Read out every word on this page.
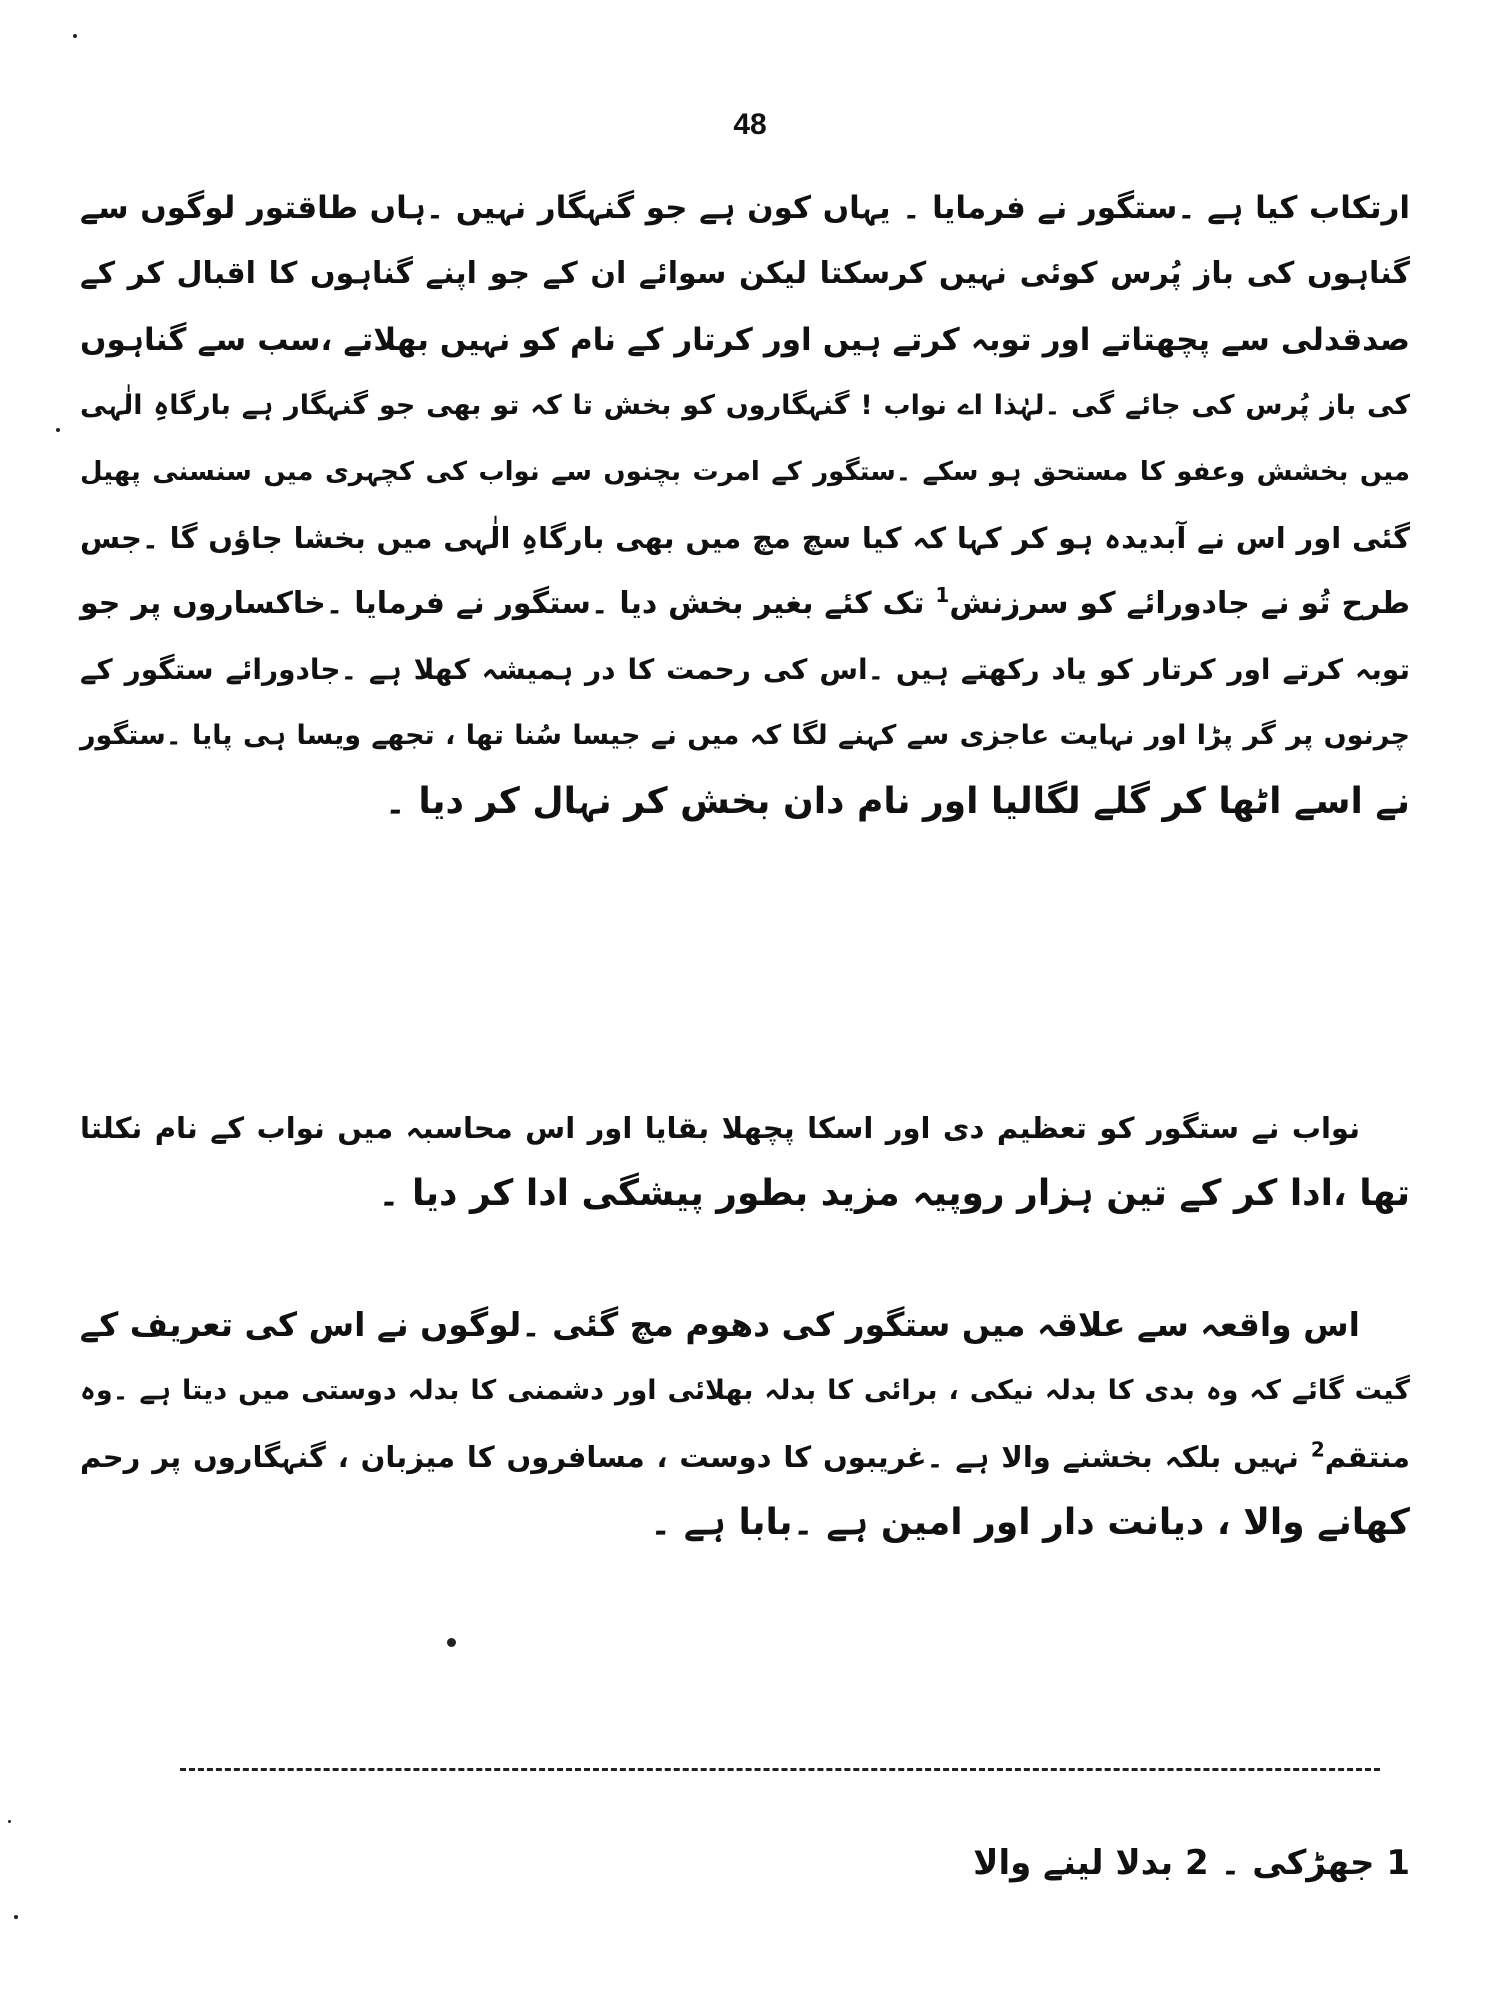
48
ارتکاب کیا ہے ۔ستگور نے فرمایا ۔ یہاں کون ہے جو گنہگار نہیں ۔ہاں طاقتور لوگوں سے
گناہوں کی باز پُرس کوئی نہیں کرسکتا لیکن سوائے ان کے جو اپنے گناہوں کا اقبال کر کے
صدقدلی سے پچھتاتے اور توبہ کرتے ہیں اور کرتار کے نام کو نہیں بھلاتے ،سب سے گناہوں
کی باز پُرس کی جائے گی ۔لہٰذا اے نواب ! گنہگاروں کو بخش تا کہ تو بھی جو گنہگار ہے بارگاہِ الٰہی
میں بخشش وعفو کا مستحق ہو سکے ۔ستگور کے امرت بچنوں سے نواب کی کچہری میں سنسنی پھیل
گئی اور اس نے آبدیدہ ہو کر کہا کہ کیا سچ مچ میں بھی بارگاہِ الٰہی میں بخشا جاؤں گا ۔جس
طرح تُو نے جادورائے کو سرزنش$^1$ تک کئے بغیر بخش دیا ۔ستگور نے فرمایا ۔خاکساروں پر جو
توبہ کرتے اور کرتار کو یاد رکھتے ہیں ۔اس کی رحمت کا در ہمیشہ کھلا ہے ۔جادورائے ستگور کے
چرنوں پر گر پڑا اور نہایت عاجزی سے کہنے لگا کہ میں نے جیسا سُنا تھا ، تجھے ویسا ہی پایا ۔ستگور
نے اسے اٹھا کر گلے لگالیا اور نام دان بخش کر نہال کر دیا ۔
نواب نے ستگور کو تعظیم دی اور اسکا پچھلا بقایا اور اس محاسبہ میں نواب کے نام نکلتا
تھا ،ادا کر کے تین ہزار روپیہ مزید بطور پیشگی ادا کر دیا ۔
اس واقعہ سے علاقہ میں ستگور کی دھوم مچ گئی ۔لوگوں نے اس کی تعریف کے
گیت گائے کہ وہ بدی کا بدلہ نیکی ، برائی کا بدلہ بھلائی اور دشمنی کا بدلہ دوستی میں دیتا ہے ۔وہ
منتقم$^2$ نہیں بلکہ بخشنے والا ہے ۔غریبوں کا دوست ، مسافروں کا میزبان ، گنہگاروں پر رحم
کھانے والا ، دیانت دار اور امین ہے ۔بابا ہے ۔
1 جھڑکی ۔ 2 بدلا لینے والا
